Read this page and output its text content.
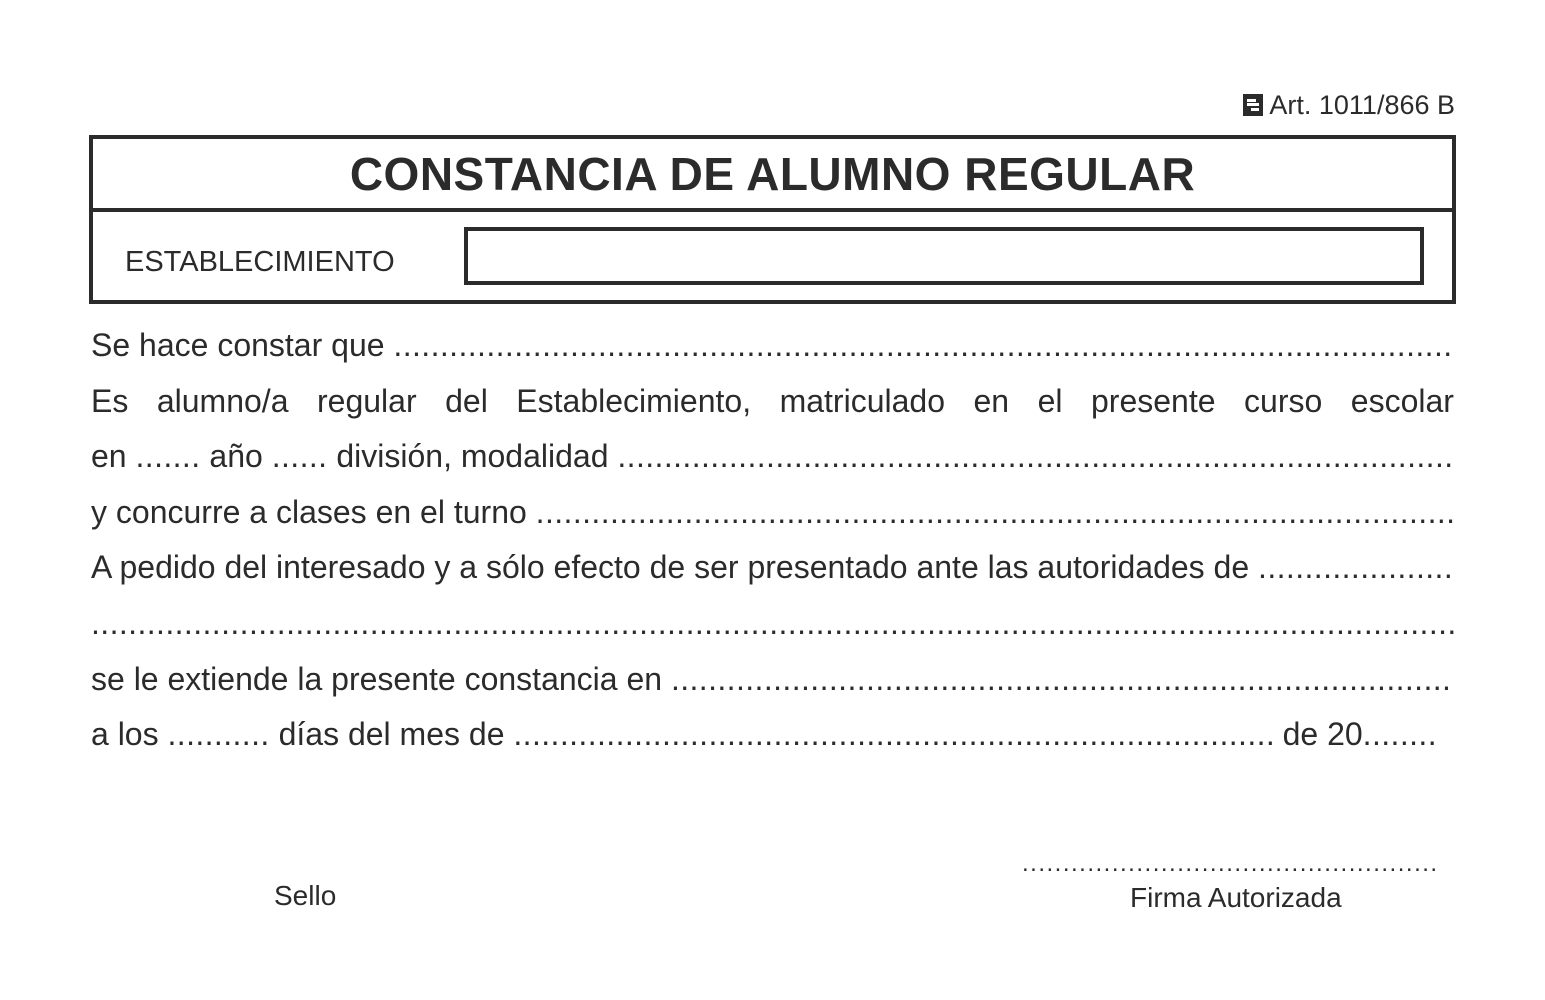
Art. 1011/866 B
CONSTANCIA DE ALUMNO REGULAR
ESTABLECIMIENTO
Se hace constar que

.....
Es alumno/a regular del Establecimiento, matriculado en el presente curso escolar
en
.......
año
......
división, modalidad

.....
y concurre a clases en el turno

.....
A pedido del interesado y a sólo efecto de ser presentado ante las autoridades de

.....
.....
se le extiende la presente constancia en

.....
a los
...........
días del mes de

.....
	de 20 ........
Sello
...................................................
Firma Autorizada
